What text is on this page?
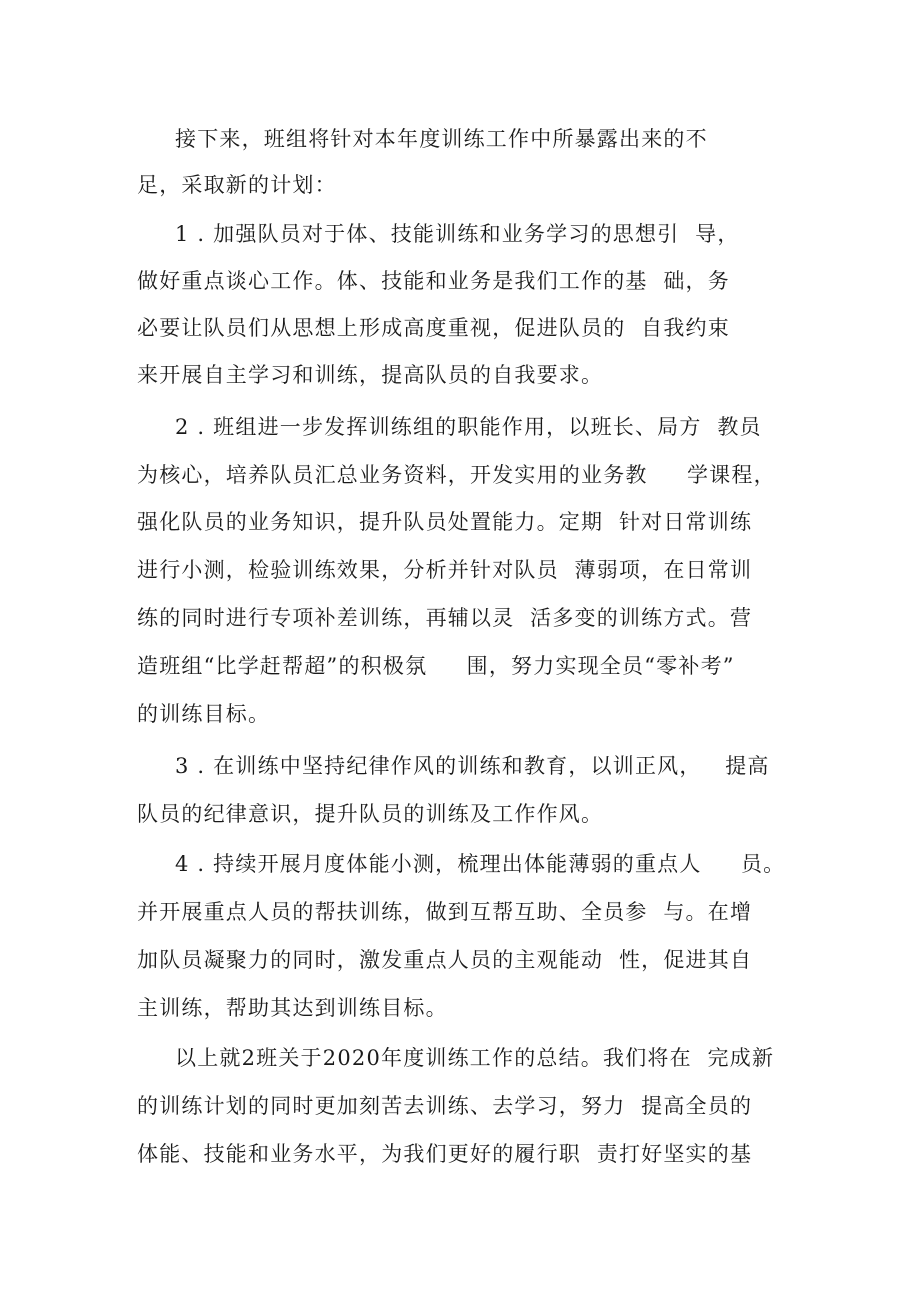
接下来，班组将针对本年度训练工作中所暴露出来的不

足，采取新的计划：

1 . 加强队员对于体、技能训练和业务学习的思想引  导，

做好重点谈心工作。体、技能和业务是我们工作的基  础，务

必要让队员们从思想上形成高度重视，促进队员的  自我约束

来开展自主学习和训练，提高队员的自我要求。

2 . 班组进一步发挥训练组的职能作用，以班长、局方  教员

为核心，培养队员汇总业务资料，开发实用的业务教     学课程，

强化队员的业务知识，提升队员处置能力。定期  针对日常训练

进行小测，检验训练效果，分析并针对队员  薄弱项，在日常训

练的同时进行专项补差训练，再辅以灵  活多变的训练方式。营

造班组“比学赶帮超”的积极氛     围，努力实现全员“零补考”

的训练目标。

3 . 在训练中坚持纪律作风的训练和教育，以训正风，   提高

队员的纪律意识，提升队员的训练及工作作风。

4 . 持续开展月度体能小测，梳理出体能薄弱的重点人     员。

并开展重点人员的帮扶训练，做到互帮互助、全员参  与。在增

加队员凝聚力的同时，激发重点人员的主观能动  性，促进其自

主训练，帮助其达到训练目标。

以上就2班关于2020年度训练工作的总结。我们将在  完成新

的训练计划的同时更加刻苦去训练、去学习，努力  提高全员的

体能、技能和业务水平，为我们更好的履行职  责打好坚实的基
